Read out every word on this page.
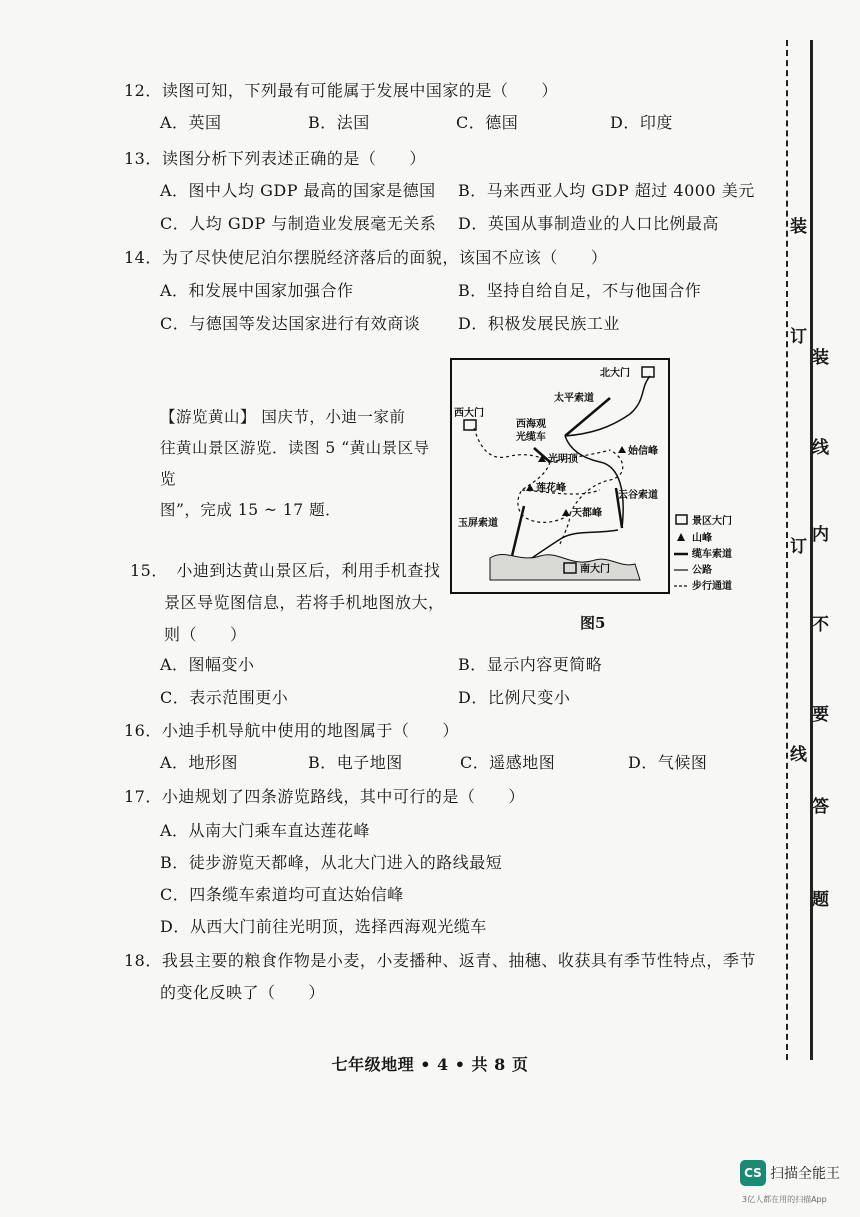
12．读图可知，下列最有可能属于发展中国家的是（　　）
A．英国	B．法国	C．德国	D．印度
13．读图分析下列表述正确的是（　　）
A．图中人均 GDP 最高的国家是德国 B．马来西亚人均 GDP 超过 4000 美元
C．人均 GDP 与制造业发展毫无关系 D．英国从事制造业的人口比例最高
14．为了尽快使尼泊尔摆脱经济落后的面貌，该国不应该（　　）
A．和发展中国家加强合作	B．坚持自给自足，不与他国合作
C．与德国等发达国家进行有效商谈 D．积极发展民族工业
【游览黄山】 国庆节，小迪一家前
往黄山景区游览．读图 5 “黄山景区导览
图”，完成 15 ~ 17 题．
北大门
太平索道
西大门
西海观
光缆车
光明顶
始信峰
莲花峰
云谷索道
天都峰
玉屏索道
南大门
景区大门
山峰
缆车索道
公路
步行通道
图5
15．　小迪到达黄山景区后，利用手机查找
景区导览图信息，若将手机地图放大，
则（　　）
A．图幅变小	B．显示内容更简略
C．表示范围更小	D．比例尺变小
16．小迪手机导航中使用的地图属于（　　）
A．地形图	B．电子地图	C．遥感地图	D．气候图
17．小迪规划了四条游览路线，其中可行的是（　　）
A．从南大门乘车直达莲花峰
B．徒步游览天都峰，从北大门进入的路线最短
C．四条缆车索道均可直达始信峰
D．从西大门前往光明顶，选择西海观光缆车
18．我县主要的粮食作物是小麦，小麦播种、返青、抽穗、收获具有季节性特点，季节
的变化反映了（　　）
七年级地理 • 4 • 共 8 页
装
订
装
线
内
订
不
要
线
答
题
CS 扫描全能王
3亿人都在用的扫描App
